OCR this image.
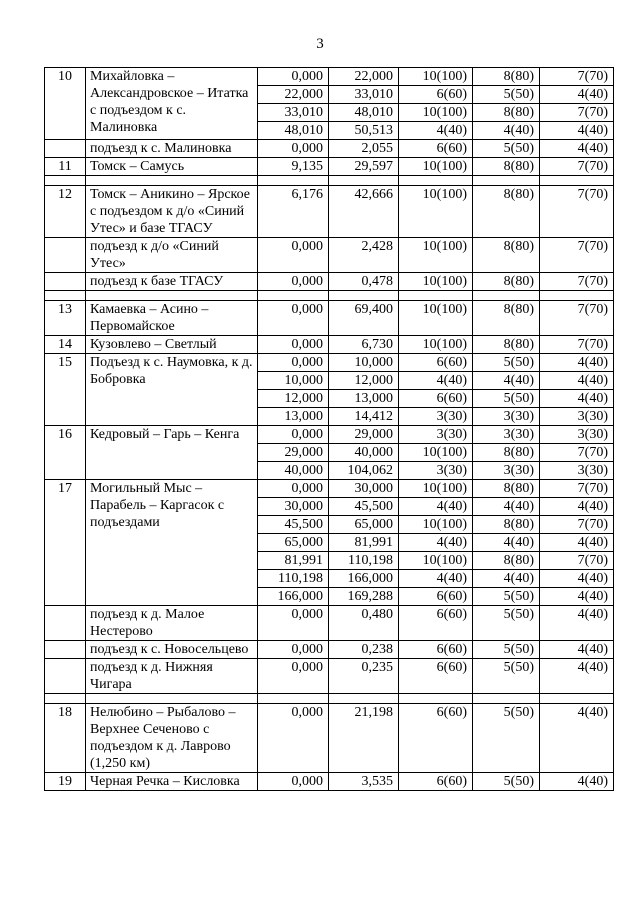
3
10	Михайловка – Александровское – Итатка с подъездом к с. Малиновка	0,000	22,000	10(100)	8(80)	7(70)
		22,000	33,010	6(60)	5(50)	4(40)
		33,010	48,010	10(100)	8(80)	7(70)
		48,010	50,513	4(40)	4(40)	4(40)
	подъезд к с. Малиновка	0,000	2,055	6(60)	5(50)	4(40)
11	Томск – Самусь	9,135	29,597	10(100)	8(80)	7(70)

12	Томск – Аникино – Ярское с подъездом к д/о «Синий Утес» и базе ТГАСУ	6,176	42,666	10(100)	8(80)	7(70)
	подъезд к д/о «Синий Утес»	0,000	2,428	10(100)	8(80)	7(70)
	подъезд к базе ТГАСУ	0,000	0,478	10(100)	8(80)	7(70)

13	Камаевка – Асино – Первомайское	0,000	69,400	10(100)	8(80)	7(70)
14	Кузовлево – Светлый	0,000	6,730	10(100)	8(80)	7(70)
15	Подъезд к с. Наумовка, к д. Бобровка	0,000	10,000	6(60)	5(50)	4(40)
		10,000	12,000	4(40)	4(40)	4(40)
		12,000	13,000	6(60)	5(50)	4(40)
		13,000	14,412	3(30)	3(30)	3(30)
16	Кедровый – Гарь – Кенга	0,000	29,000	3(30)	3(30)	3(30)
		29,000	40,000	10(100)	8(80)	7(70)
		40,000	104,062	3(30)	3(30)	3(30)
17	Могильный Мыс – Парабель – Каргасок с подъездами	0,000	30,000	10(100)	8(80)	7(70)
		30,000	45,500	4(40)	4(40)	4(40)
		45,500	65,000	10(100)	8(80)	7(70)
		65,000	81,991	4(40)	4(40)	4(40)
		81,991	110,198	10(100)	8(80)	7(70)
		110,198	166,000	4(40)	4(40)	4(40)
		166,000	169,288	6(60)	5(50)	4(40)
	подъезд к д. Малое Нестерово	0,000	0,480	6(60)	5(50)	4(40)
	подъезд к с. Новосельцево	0,000	0,238	6(60)	5(50)	4(40)
	подъезд к д. Нижняя Чигара	0,000	0,235	6(60)	5(50)	4(40)

18	Нелюбино – Рыбалово – Верхнее Сеченово с подъездом к д. Лаврово (1,250 км)	0,000	21,198	6(60)	5(50)	4(40)
19	Черная Речка – Кисловка	0,000	3,535	6(60)	5(50)	4(40)
